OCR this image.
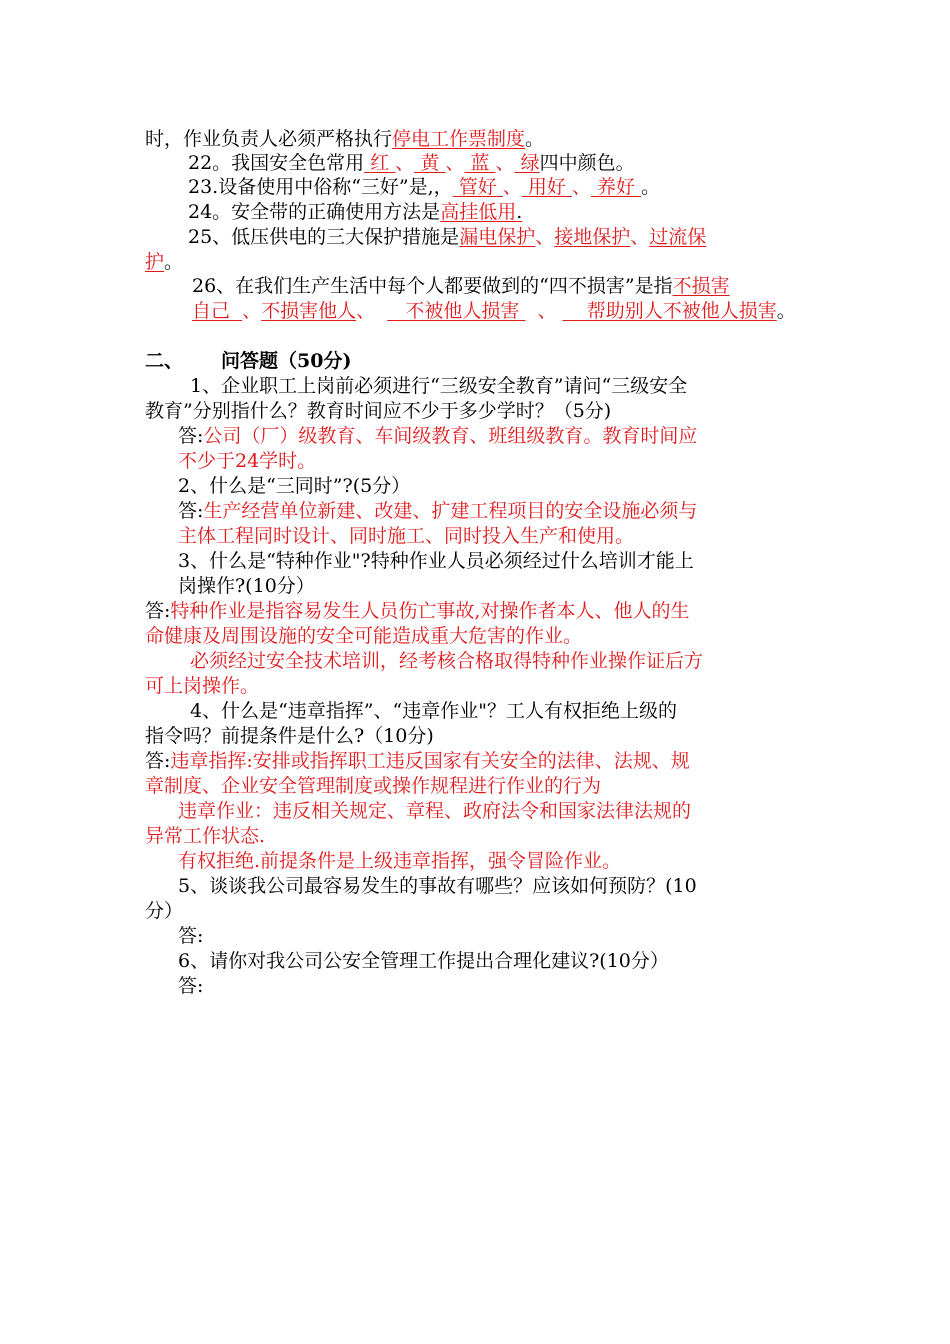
时，作业负责人必须严格执行停电工作票制度。
22。我国安全色常用 红 、 黄 、 蓝 、 绿四中颜色。
23.设备使用中俗称“三好”是,， 管好 、 用好 、 养好 。
24。安全带的正确使用方法是高挂低用.
25、低压供电的三大保护措施是漏电保护、接地保护、过流保
护。
26、在我们生产生活中每个人都要做到的“四不损害”是指不损害
自己 、不损害他人、 不被他人损害 、 帮助别人不被他人损害。
二、 问答题（50分)
1、企业职工上岗前必须进行“三级安全教育”请问“三级安全
教育”分别指什么？教育时间应不少于多少学时？（5分)
答:公司（厂）级教育、车间级教育、班组级教育。教育时间应
不少于24学时。
2、什么是“三同时”?(5分）
答:生产经营单位新建、改建、扩建工程项目的安全设施必须与
主体工程同时设计、同时施工、同时投入生产和使用。
3、什么是“特种作业"?特种作业人员必须经过什么培训才能上
岗操作?(10分）
答:特种作业是指容易发生人员伤亡事故,对操作者本人、他人的生
命健康及周围设施的安全可能造成重大危害的作业。
必须经过安全技术培训，经考核合格取得特种作业操作证后方
可上岗操作。
4、什么是“违章指挥”、“违章作业"？工人有权拒绝上级的
指令吗？前提条件是什么?（10分)
答:违章指挥:安排或指挥职工违反国家有关安全的法律、法规、规
章制度、企业安全管理制度或操作规程进行作业的行为
违章作业：违反相关规定、章程、政府法令和国家法律法规的
异常工作状态.
有权拒绝.前提条件是上级违章指挥，强令冒险作业。
5、谈谈我公司最容易发生的事故有哪些？应该如何预防？(10
分）
答:
6、请你对我公司公安全管理工作提出合理化建议?(10分）
答:
